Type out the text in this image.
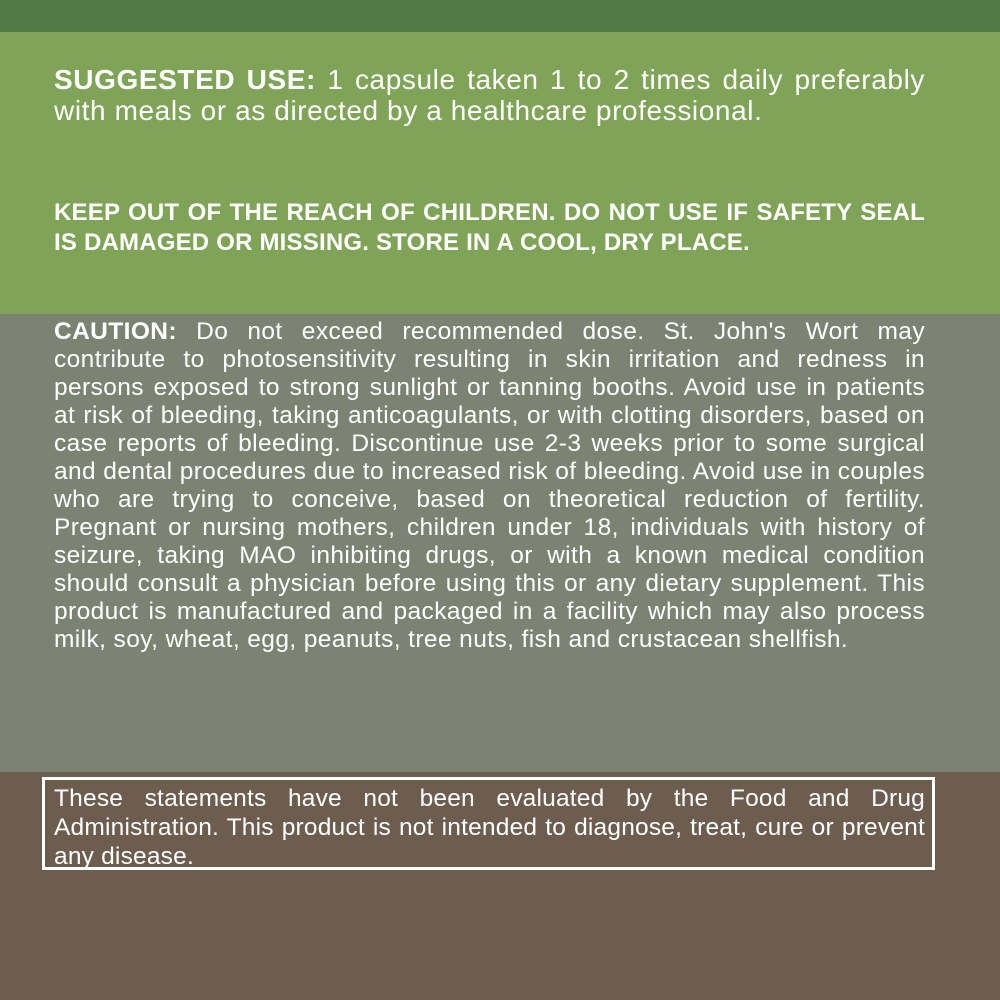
SUGGESTED USE: 1 capsule taken 1 to 2 times daily preferably with meals or as directed by a healthcare professional.

KEEP OUT OF THE REACH OF CHILDREN. DO NOT USE IF SAFETY SEAL IS DAMAGED OR MISSING. STORE IN A COOL, DRY PLACE.

CAUTION: Do not exceed recommended dose. St. John's Wort may contribute to photosensitivity resulting in skin irritation and redness in persons exposed to strong sunlight or tanning booths. Avoid use in patients at risk of bleeding, taking anticoagulants, or with clotting disorders, based on case reports of bleeding. Discontinue use 2-3 weeks prior to some surgical and dental procedures due to increased risk of bleeding. Avoid use in couples who are trying to conceive, based on theoretical reduction of fertility. Pregnant or nursing mothers, children under 18, individuals with history of seizure, taking MAO inhibiting drugs, or with a known medical condition should consult a physician before using this or any dietary supplement. This product is manufactured and packaged in a facility which may also process milk, soy, wheat, egg, peanuts, tree nuts, fish and crustacean shellfish.

These statements have not been evaluated by the Food and Drug Administration. This product is not intended to diagnose, treat, cure or prevent any disease.
